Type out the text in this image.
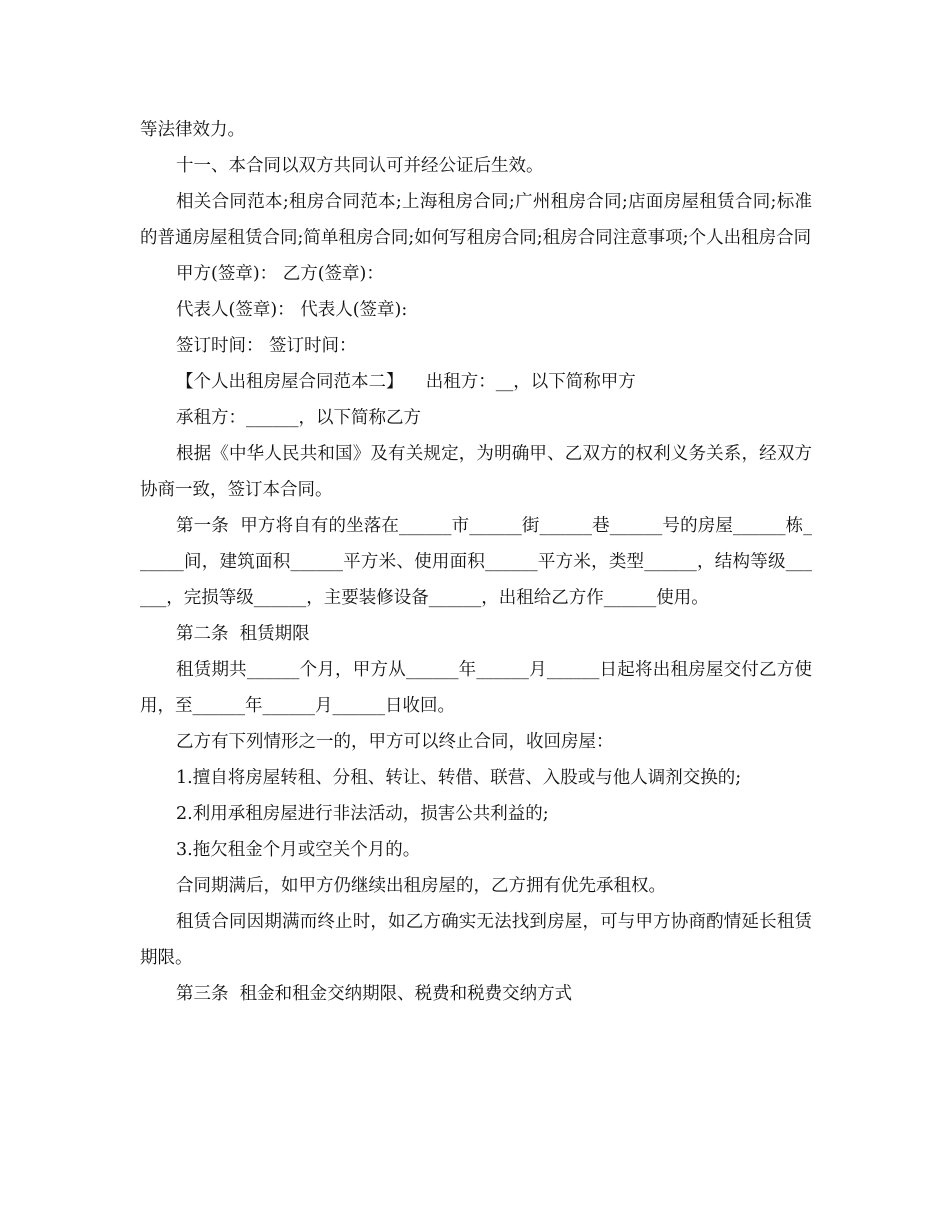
等法律效力。

十一、本合同以双方共同认可并经公证后生效。

相关合同范本;租房合同范本;上海租房合同;广州租房合同;店面房屋租赁合同;标准的普通房屋租赁合同;简单租房合同;如何写租房合同;租房合同注意事项;个人出租房合同

甲方(签章)： 乙方(签章)：

代表人(签章)： 代表人(签章):

签订时间： 签订时间：

【个人出租房屋合同范本二】    出租方：__，以下简称甲方

承租方：______，以下简称乙方

根据《中华人民共和国》及有关规定，为明确甲、乙双方的权利义务关系，经双方协商一致，签订本合同。

第一条  甲方将自有的坐落在______市______街______巷______号的房屋______栋______间，建筑面积______平方米、使用面积______平方米，类型______，结构等级______，完损等级______，主要装修设备______，出租给乙方作______使用。

第二条  租赁期限

租赁期共______个月，甲方从______年______月______日起将出租房屋交付乙方使用，至______年______月______日收回。

乙方有下列情形之一的，甲方可以终止合同，收回房屋：

1.擅自将房屋转租、分租、转让、转借、联营、入股或与他人调剂交换的;

2.利用承租房屋进行非法活动，损害公共利益的;

3.拖欠租金个月或空关个月的。

合同期满后，如甲方仍继续出租房屋的，乙方拥有优先承租权。

租赁合同因期满而终止时，如乙方确实无法找到房屋，可与甲方协商酌情延长租赁期限。

第三条  租金和租金交纳期限、税费和税费交纳方式
